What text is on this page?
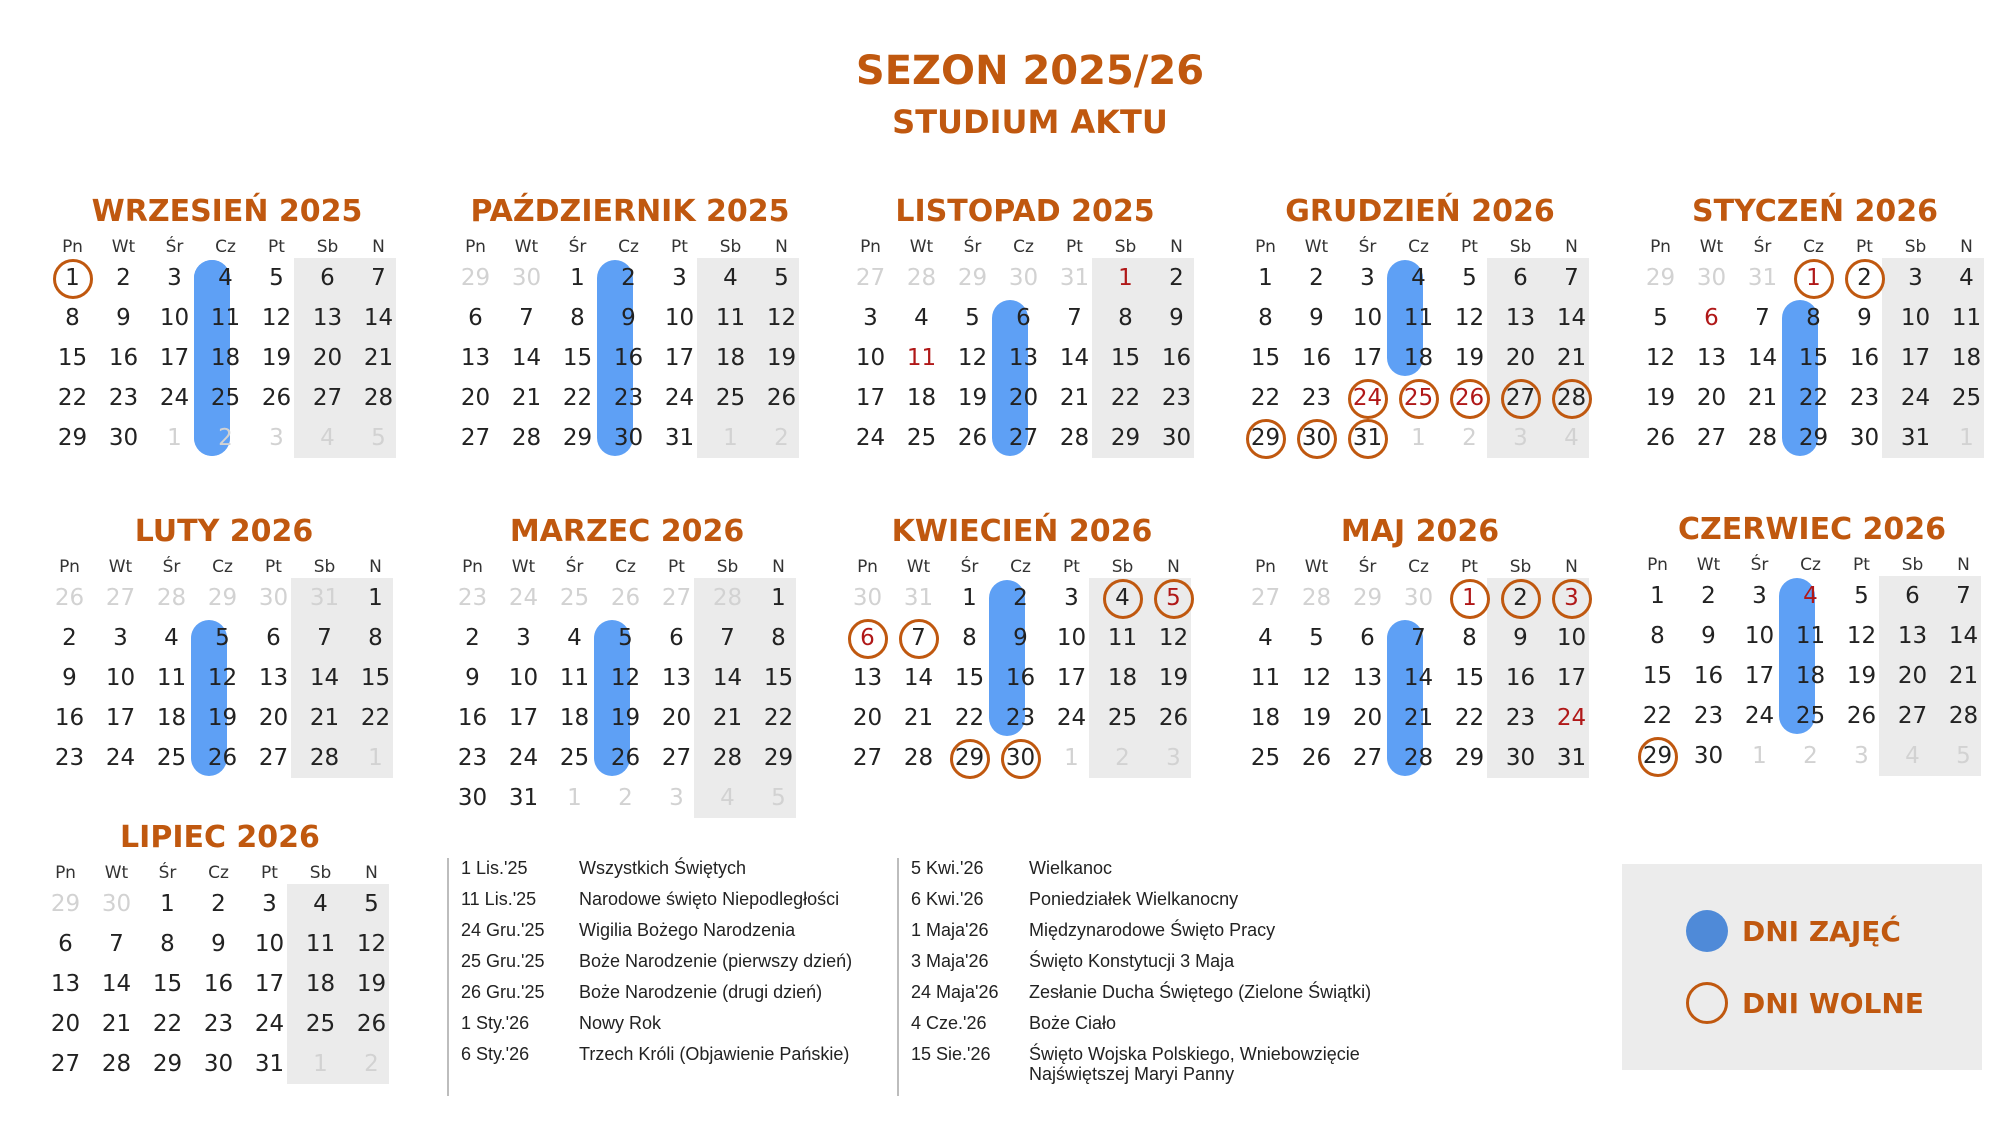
SEZON 2025/26
STUDIUM AKTU
WRZESIEŃ 2025
Pn	Wt	Śr	Cz	Pt	Sb	N
1	2	3	4	5	6	7
8	9	10 11 12 13 14
15 16 17 18 19 20 21
22 23 24 25 26 27 28
29 30	1	2	3	4	5
PAŹDZIERNIK 2025
Pn	Wt	Śr	Cz	Pt	Sb	N
29 30	1	2	3	4	5
6	7	8	9	10 11 12
13 14 15 16 17 18 19
20 21 22 23 24 25 26
27 28 29 30 31	1	2
LISTOPAD 2025
Pn	Wt	Śr	Cz	Pt	Sb	N
27 28 29 30 31	1	2
3	4	5	6	7	8	9
10 11 12 13 14 15 16
17 18 19 20 21 22 23
24 25 26 27 28 29 30
GRUDZIEŃ 2026
Pn	Wt	Śr	Cz	Pt	Sb	N
1	2	3	4	5	6	7
8	9	10 11 12 13 14
15 16 17 18 19 20 21
22 23 24 25 26 27 28
29 30 31	1	2	3	4
STYCZEŃ 2026
Pn	Wt	Śr	Cz	Pt	Sb	N
29 30 31	1	2	3	4
5	6	7	8	9	10 11
12 13 14 15 16 17 18
19 20 21 22 23 24 25
26 27 28 29 30 31	1
LUTY 2026
Pn	Wt	Śr	Cz	Pt	Sb	N
26 27 28 29 30 31	1
2	3	4	5	6	7	8
9	10 11 12 13 14 15
16 17 18 19 20 21 22
23 24 25 26 27 28	1
MARZEC 2026
Pn	Wt	Śr	Cz	Pt	Sb	N
23 24 25 26 27 28	1
2	3	4	5	6	7	8
9	10 11 12 13 14 15
16 17 18 19 20 21 22
23 24 25 26 27 28 29
30 31	1	2	3	4	5
KWIECIEŃ 2026
Pn	Wt	Śr	Cz	Pt	Sb	N
30 31	1	2	3	4	5
6	7	8	9	10 11 12
13 14 15 16 17 18 19
20 21 22 23 24 25 26
27 28 29 30	1	2	3
MAJ 2026
Pn	Wt	Śr	Cz	Pt	Sb	N
27 28 29 30	1	2	3
4	5	6	7	8	9	10
11 12 13 14 15 16 17
18 19 20 21 22 23 24
25 26 27 28 29 30 31
CZERWIEC 2026
Pn	Wt	Śr	Cz	Pt	Sb	N
1	2	3	4	5	6	7
8	9	10 11 12 13 14
15 16 17 18 19 20 21
22 23 24 25 26 27 28
29 30	1	2	3	4	5
LIPIEC 2026
Pn	Wt	Śr	Cz	Pt	Sb	N
29 30	1	2	3	4	5
6	7	8	9	10 11 12
13 14 15 16 17 18 19
20 21 22 23 24 25 26
27 28 29 30 31	1	2
1 Lis.'25	Wszystkich Świętych
11 Lis.'25 Narodowe święto Niepodległości
24 Gru.'25 Wigilia Bożego Narodzenia
25 Gru.'25 Boże Narodzenie (pierwszy dzień)
26 Gru.'25 Boże Narodzenie (drugi dzień)
1 Sty.'26	Nowy Rok
6 Sty.'26	Trzech Króli (Objawienie Pańskie)
5 Kwi.'26	Wielkanoc
6 Kwi.'26	Poniedziałek Wielkanocny
1 Maja'26 Międzynarodowe Święto Pracy
3 Maja'26 Święto Konstytucji 3 Maja
24 Maja'26 Zesłanie Ducha Świętego (Zielone Świątki)
4 Cze.'26 Boże Ciało
15 Sie.'26 Święto Wojska Polskiego, Wniebowzięcie Najświętszej Maryi Panny
DNI ZAJĘĆ
DNI WOLNE
